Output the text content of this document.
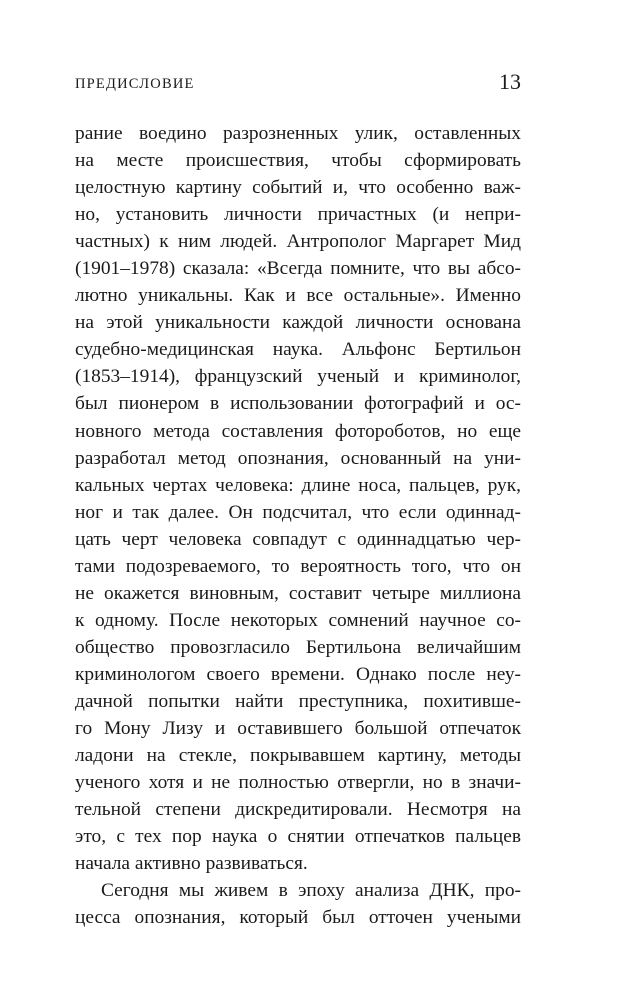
ПРЕДИСЛОВИЕ	13
рание воедино разрозненных улик, оставленных
на месте происшествия, чтобы сформировать
целостную картину событий и, что особенно важ-
но, установить личности причастных (и непри-
частных) к ним людей. Антрополог Маргарет Мид
(1901–1978) сказала: «Всегда помните, что вы абсо-
лютно уникальны. Как и все остальные». Именно
на этой уникальности каждой личности основана
судебно-медицинская наука. Альфонс Бертильон
(1853–1914), французский ученый и криминолог,
был пионером в использовании фотографий и ос-
новного метода составления фотороботов, но еще
разработал метод опознания, основанный на уни-
кальных чертах человека: длине носа, пальцев, рук,
ног и так далее. Он подсчитал, что если одиннад-
цать черт человека совпадут с одиннадцатью чер-
тами подозреваемого, то вероятность того, что он
не окажется виновным, составит четыре миллиона
к одному. После некоторых сомнений научное со-
общество провозгласило Бертильона величайшим
криминологом своего времени. Однако после неу-
дачной попытки найти преступника, похитивше-
го Мону Лизу и оставившего большой отпечаток
ладони на стекле, покрывавшем картину, методы
ученого хотя и не полностью отвергли, но в значи-
тельной степени дискредитировали. Несмотря на
это, с тех пор наука о снятии отпечатков пальцев
начала активно развиваться.
Сегодня мы живем в эпоху анализа ДНК, про-
цесса опознания, который был отточен учеными
